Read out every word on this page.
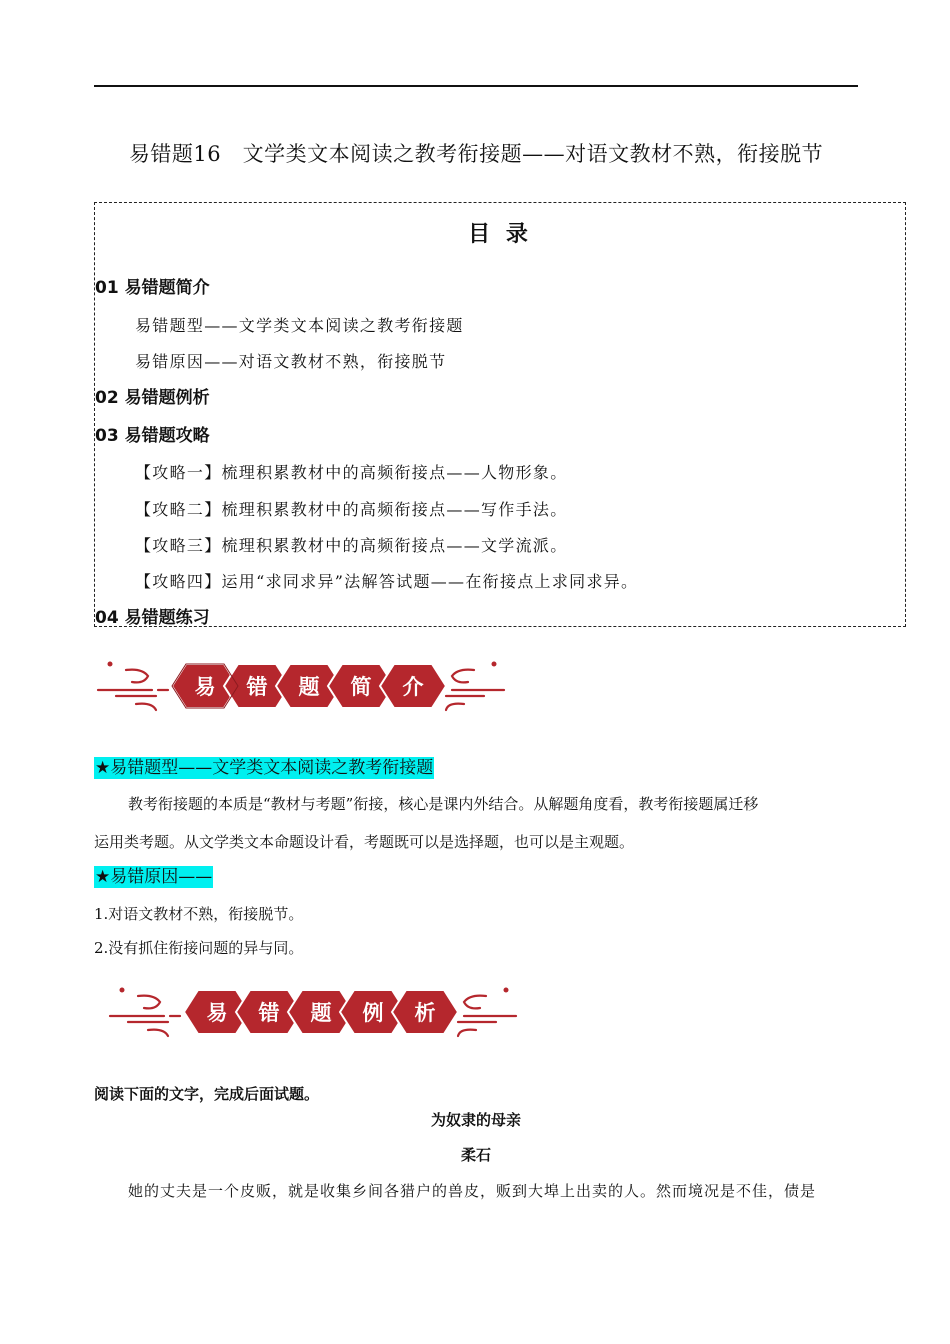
易错题16　文学类文本阅读之教考衔接题——对语文教材不熟，衔接脱节
目 录
01 易错题简介
易错题型——文学类文本阅读之教考衔接题
易错原因——对语文教材不熟，衔接脱节
02 易错题例析
03 易错题攻略
【攻略一】梳理积累教材中的高频衔接点——人物形象。
【攻略二】梳理积累教材中的高频衔接点——写作手法。
【攻略三】梳理积累教材中的高频衔接点——文学流派。
【攻略四】运用“求同求异”法解答试题——在衔接点上求同求异。
04 易错题练习
易 错 题 简 介
★易错题型——文学类文本阅读之教考衔接题
教考衔接题的本质是“教材与考题”衔接，核心是课内外结合。从解题角度看，教考衔接题属迁移
运用类考题。从文学类文本命题设计看，考题既可以是选择题，也可以是主观题。
★易错原因——
1.对语文教材不熟，衔接脱节。
2.没有抓住衔接问题的异与同。
易 错 题 例 析
阅读下面的文字，完成后面试题。
为奴隶的母亲
柔石
她的丈夫是一个皮贩，就是收集乡间各猎户的兽皮，贩到大埠上出卖的人。然而境况是不佳，债是
